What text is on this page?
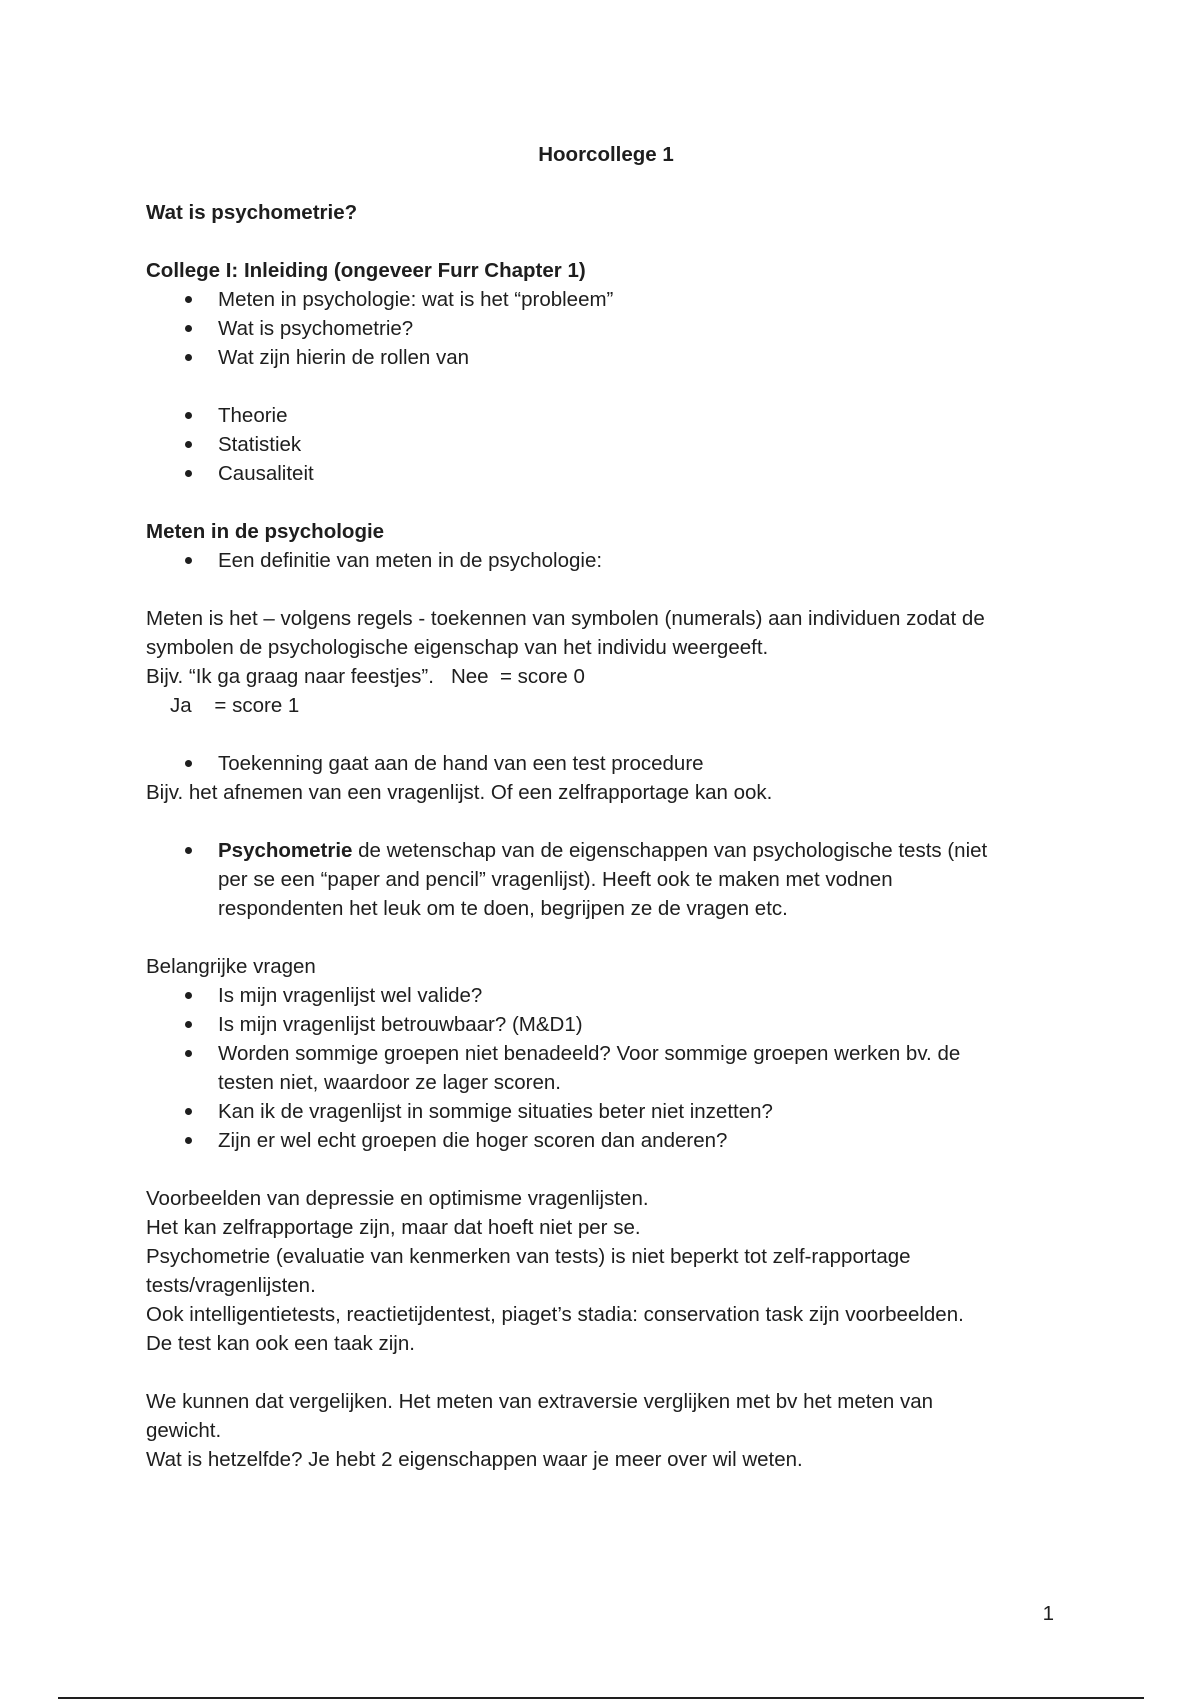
Hoorcollege 1

Wat is psychometrie?

College I: Inleiding (ongeveer Furr Chapter 1)

Meten in psychologie: wat is het “probleem”
Wat is psychometrie?
Wat zijn hierin de rollen van
Theorie
Statistiek
Causaliteit

Meten in de psychologie

Een definitie van meten in de psychologie:

Meten is het – volgens regels - toekennen van symbolen (numerals) aan individuen zodat de

symbolen de psychologische eigenschap van het individu weergeeft.

Bijv. “Ik ga graag naar feestjes”.   Nee  = score 0

Ja    = score 1

Toekenning gaat aan de hand van een test procedure

Bijv. het afnemen van een vragenlijst. Of een zelfrapportage kan ook.

Psychometrie de wetenschap van de eigenschappen van psychologische tests (niet
per se een “paper and pencil” vragenlijst). Heeft ook te maken met vodnen
respondenten het leuk om te doen, begrijpen ze de vragen etc.

Belangrijke vragen

Is mijn vragenlijst wel valide?
Is mijn vragenlijst betrouwbaar? (M&D1)
Worden sommige groepen niet benadeeld? Voor sommige groepen werken bv. de
testen niet, waardoor ze lager scoren.
Kan ik de vragenlijst in sommige situaties beter niet inzetten?
Zijn er wel echt groepen die hoger scoren dan anderen?

Voorbeelden van depressie en optimisme vragenlijsten.

Het kan zelfrapportage zijn, maar dat hoeft niet per se.

Psychometrie (evaluatie van kenmerken van tests) is niet beperkt tot zelf-rapportage

tests/vragenlijsten.

Ook intelligentietests, reactietijdentest, piaget’s stadia: conservation task zijn voorbeelden.

De test kan ook een taak zijn.

We kunnen dat vergelijken. Het meten van extraversie verglijken met bv het meten van

gewicht.

Wat is hetzelfde? Je hebt 2 eigenschappen waar je meer over wil weten.

1
